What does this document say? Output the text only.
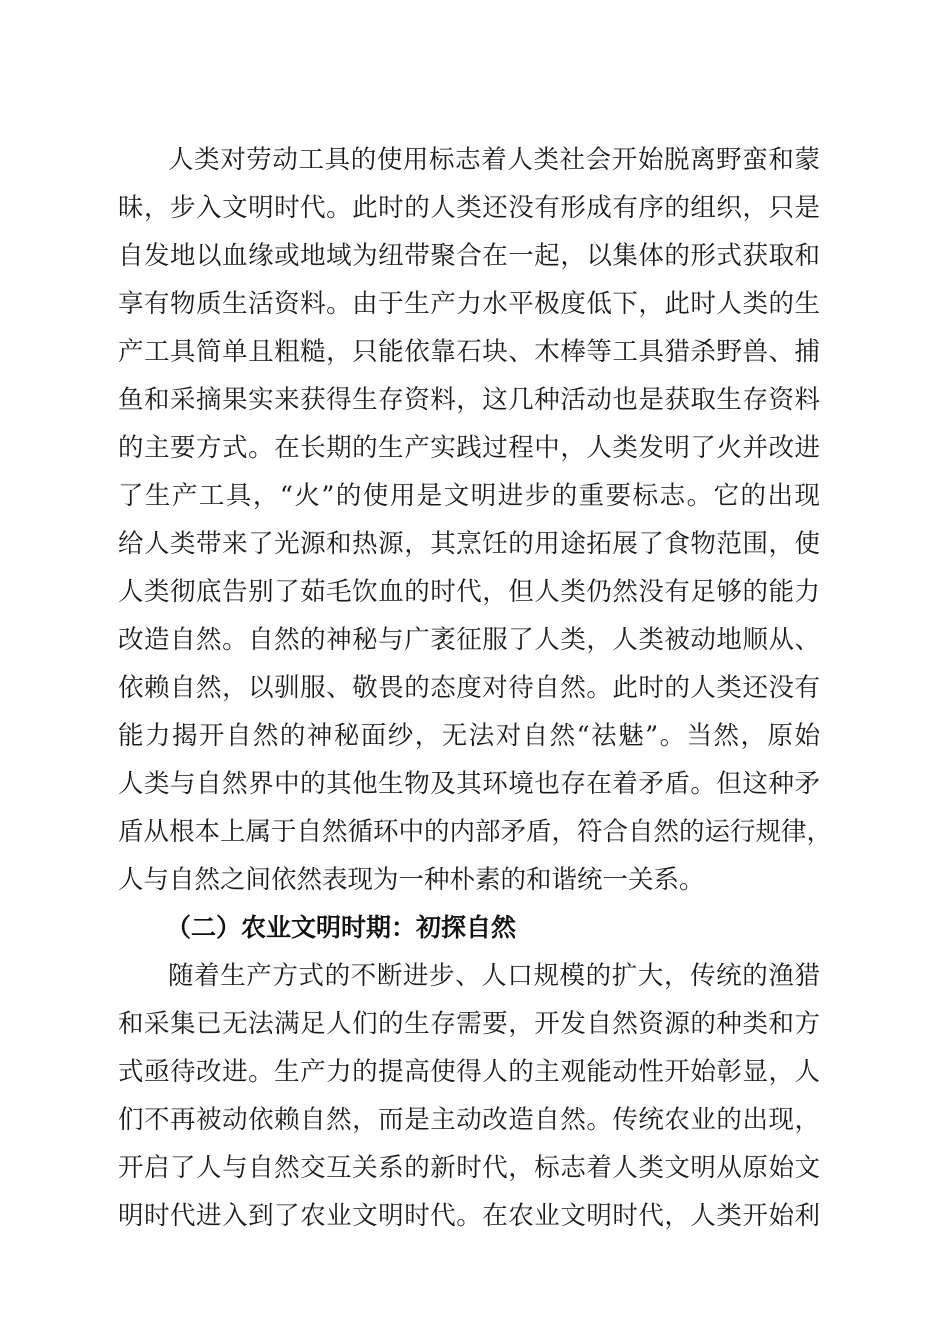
人类对劳动工具的使用标志着人类社会开始脱离野蛮和蒙
昧，步入文明时代。此时的人类还没有形成有序的组织，只是
自发地以血缘或地域为纽带聚合在一起，以集体的形式获取和
享有物质生活资料。由于生产力水平极度低下，此时人类的生
产工具简单且粗糙，只能依靠石块、木棒等工具猎杀野兽、捕
鱼和采摘果实来获得生存资料，这几种活动也是获取生存资料
的主要方式。在长期的生产实践过程中，人类发明了火并改进
了生产工具，“火”的使用是文明进步的重要标志。它的出现
给人类带来了光源和热源，其烹饪的用途拓展了食物范围，使
人类彻底告别了茹毛饮血的时代，但人类仍然没有足够的能力
改造自然。自然的神秘与广袤征服了人类，人类被动地顺从、
依赖自然，以驯服、敬畏的态度对待自然。此时的人类还没有
能力揭开自然的神秘面纱，无法对自然“祛魅”。当然，原始
人类与自然界中的其他生物及其环境也存在着矛盾。但这种矛
盾从根本上属于自然循环中的内部矛盾，符合自然的运行规律，
人与自然之间依然表现为一种朴素的和谐统一关系。
（二）农业文明时期：初探自然
随着生产方式的不断进步、人口规模的扩大，传统的渔猎
和采集已无法满足人们的生存需要，开发自然资源的种类和方
式亟待改进。生产力的提高使得人的主观能动性开始彰显，人
们不再被动依赖自然，而是主动改造自然。传统农业的出现，
开启了人与自然交互关系的新时代，标志着人类文明从原始文
明时代进入到了农业文明时代。在农业文明时代，人类开始利
